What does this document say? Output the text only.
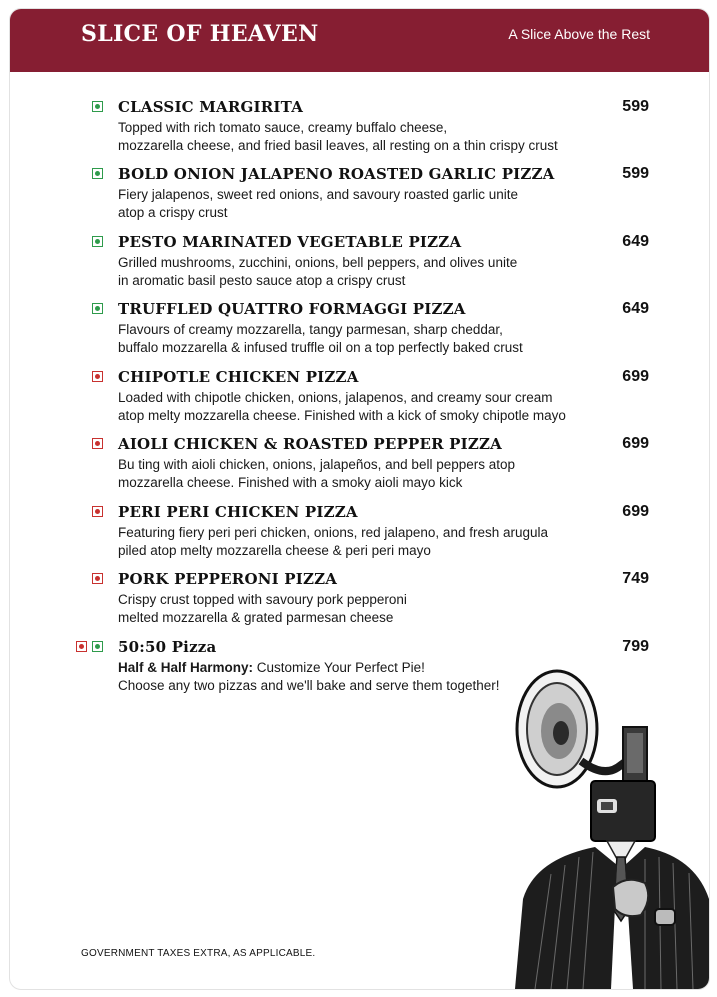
SLICE OF HEAVEN	A Slice Above the Rest
CLASSIC MARGIRITA	599
Topped with rich tomato sauce, creamy buffalo cheese,
mozzarella cheese, and fried basil leaves, all resting on a thin crispy crust
BOLD ONION JALAPENO ROASTED GARLIC PIZZA	599
Fiery jalapenos, sweet red onions, and savoury roasted garlic unite
atop a crispy crust
PESTO MARINATED VEGETABLE PIZZA	649
Grilled mushrooms, zucchini, onions, bell peppers, and olives unite
in aromatic basil pesto sauce atop a crispy crust
TRUFFLED QUATTRO FORMAGGI PIZZA	649
Flavours of creamy mozzarella, tangy parmesan, sharp cheddar,
buffalo mozzarella & infused truffle oil on a top perfectly baked crust
CHIPOTLE CHICKEN PIZZA	699
Loaded with chipotle chicken, onions, jalapenos, and creamy sour cream
atop melty mozzarella cheese. Finished with a kick of smoky chipotle mayo
AIOLI CHICKEN & ROASTED PEPPER PIZZA	699
Bu ting with aioli chicken, onions, jalapeños, and bell peppers atop
mozzarella cheese. Finished with a smoky aioli mayo kick
PERI PERI CHICKEN PIZZA	699
Featuring fiery peri peri chicken, onions, red jalapeno, and fresh arugula
piled atop melty mozzarella cheese & peri peri mayo
PORK PEPPERONI PIZZA	749
Crispy crust topped with savoury pork pepperoni
melted mozzarella & grated parmesan cheese
50:50 Pizza	799
Half & Half Harmony: Customize Your Perfect Pie!
Choose any two pizzas and we'll bake and serve them together!
GOVERNMENT TAXES EXTRA, AS APPLICABLE.
